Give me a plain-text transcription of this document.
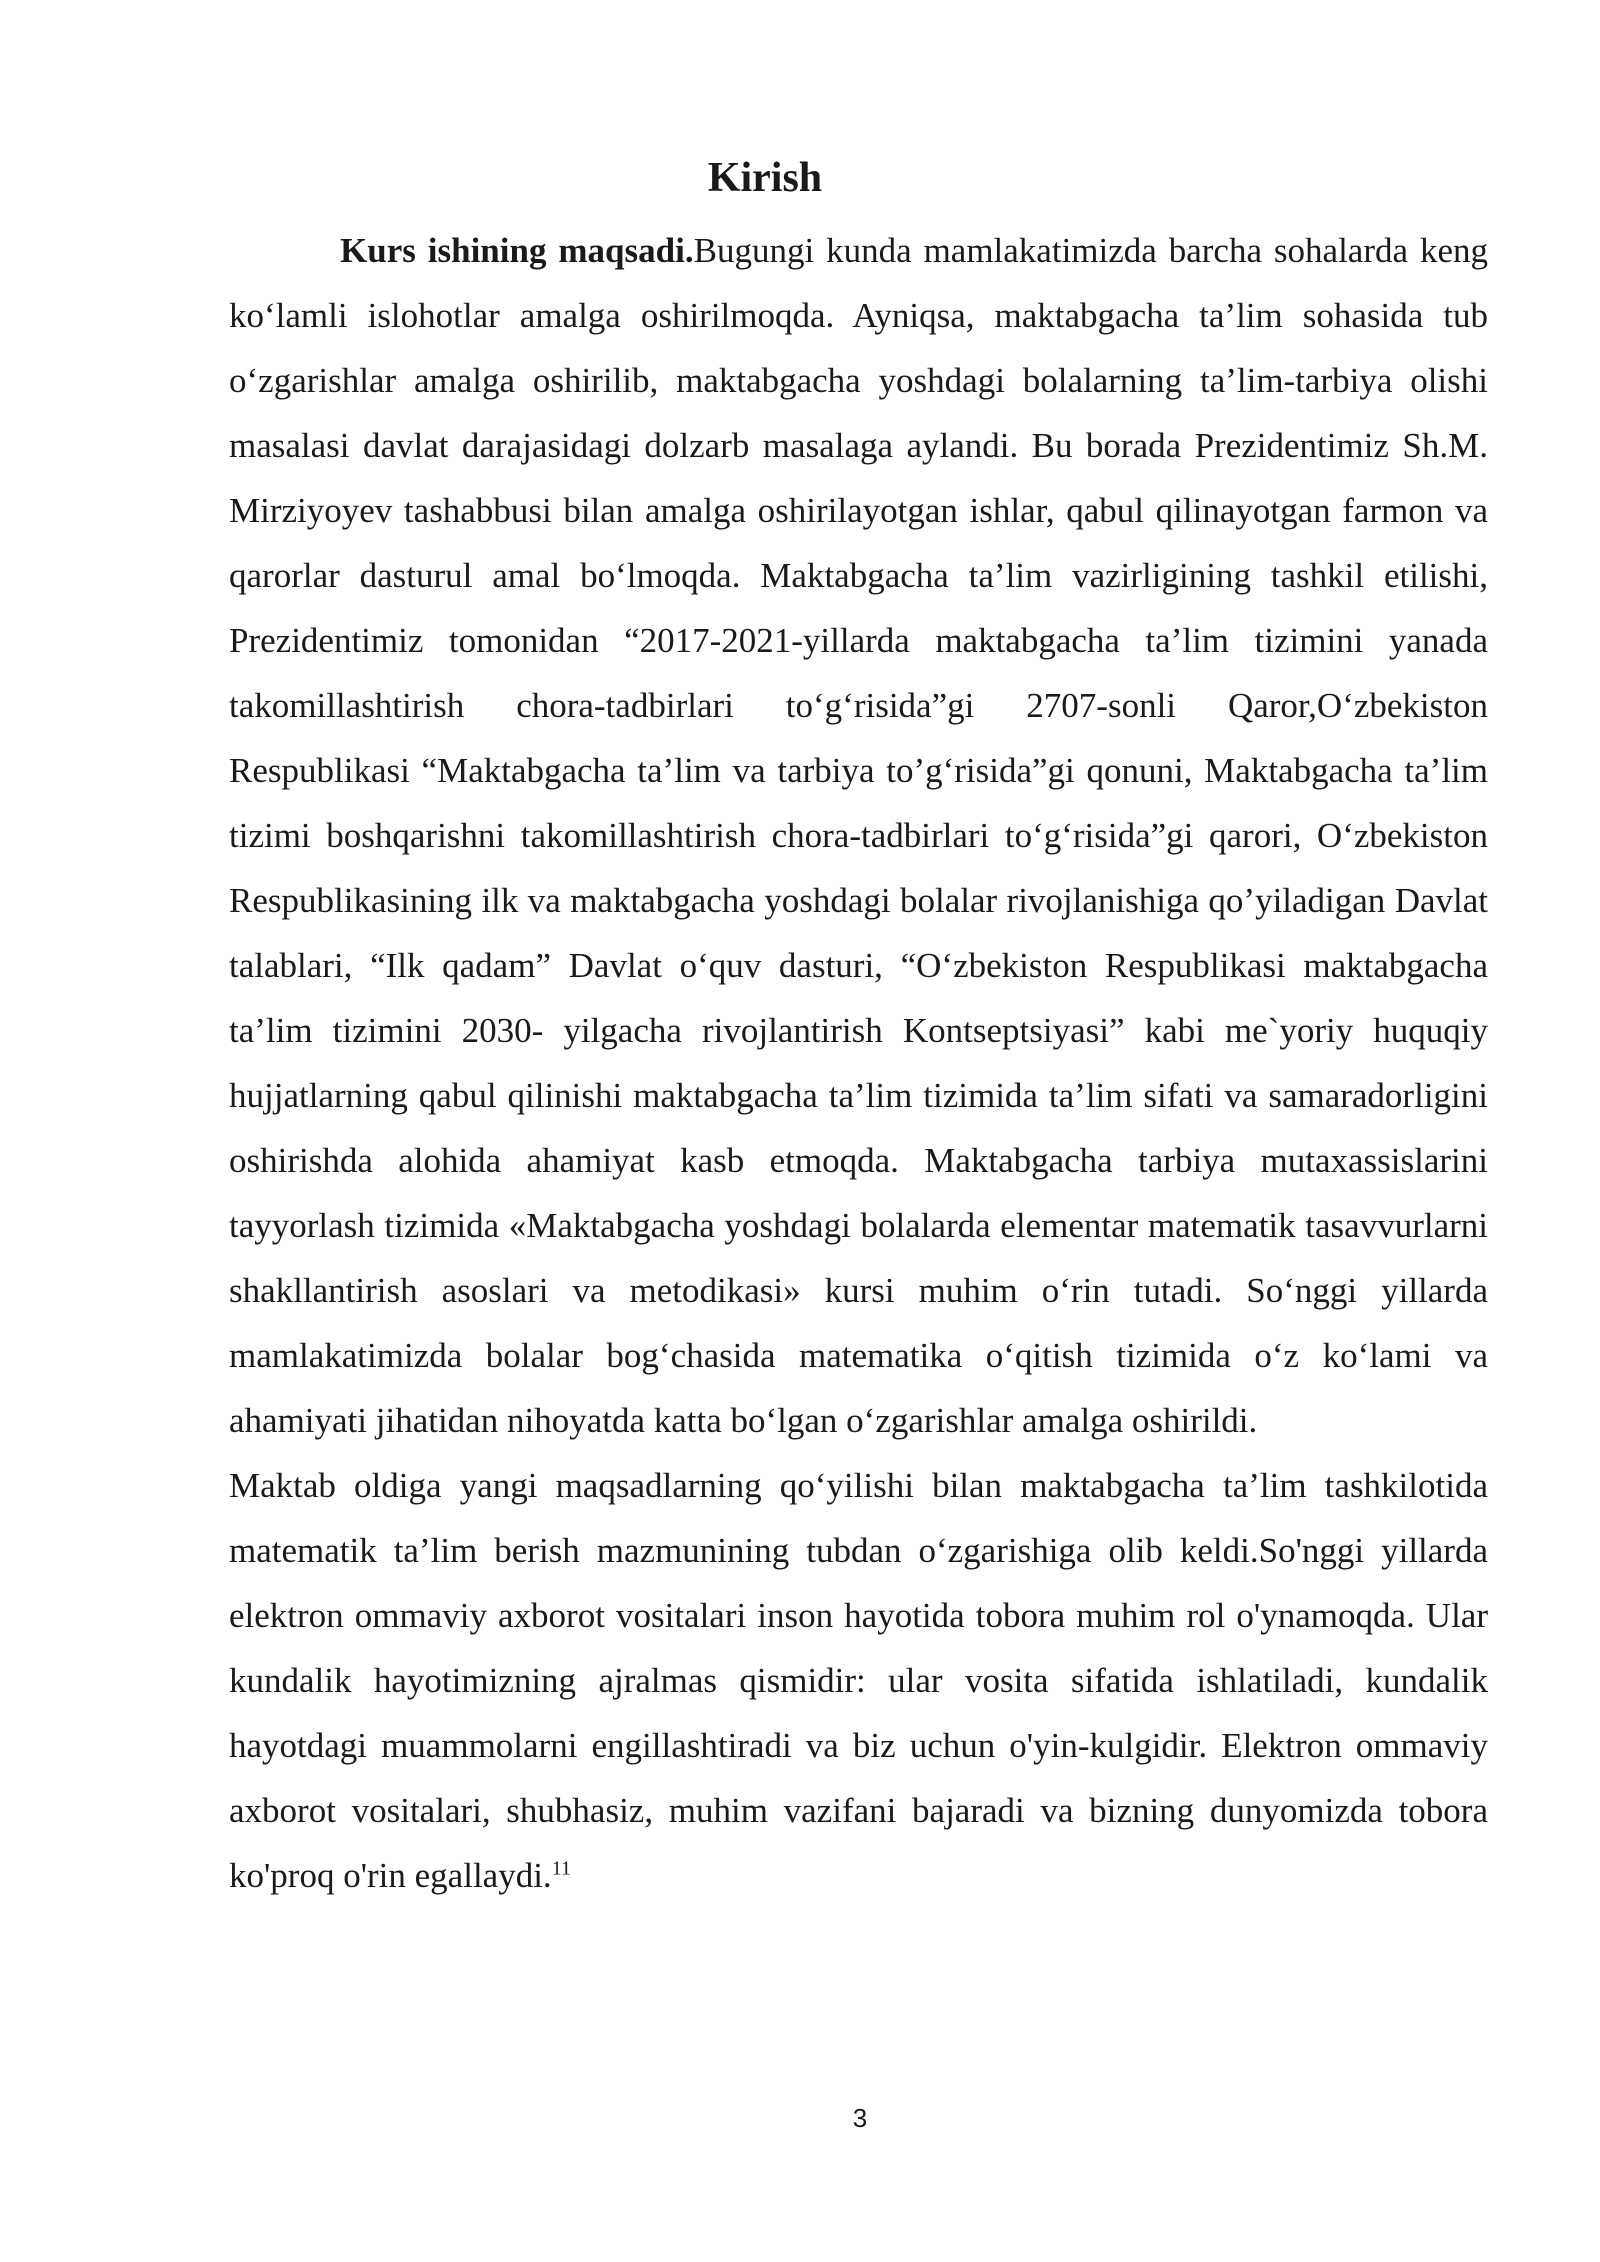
Kirish

Kurs ishining maqsadi.Bugungi kunda mamlakatimizda barcha sohalarda keng ko‘lamli islohotlar amalga oshirilmoqda. Ayniqsa, maktabgacha ta’lim sohasida tub o‘zgarishlar amalga oshirilib, maktabgacha yoshdagi bolalarning ta’lim-tarbiya olishi masalasi davlat darajasidagi dolzarb masalaga aylandi. Bu borada Prezidentimiz Sh.M. Mirziyoyev tashabbusi bilan amalga oshirilayotgan ishlar, qabul qilinayotgan farmon va qarorlar dasturul amal bo‘lmoqda. Maktabgacha ta’lim vazirligining tashkil etilishi, Prezidentimiz tomonidan “2017-2021-yillarda maktabgacha ta’lim tizimini yanada takomillashtirish chora-tadbirlari to‘g‘risida”gi 2707-sonli Qaror,O‘zbekiston Respublikasi “Maktabgacha ta’lim va tarbiya to’g‘risida”gi qonuni, Maktabgacha ta’lim tizimi boshqarishni takomillashtirish chora-tadbirlari to‘g‘risida”gi qarori, O‘zbekiston Respublikasining ilk va maktabgacha yoshdagi bolalar rivojlanishiga qo’yiladigan Davlat talablari, “Ilk qadam” Davlat o‘quv dasturi, “O‘zbekiston Respublikasi maktabgacha ta’lim tizimini 2030- yilgacha rivojlantirish Kontseptsiyasi” kabi me`yoriy huquqiy hujjatlarning qabul qilinishi maktabgacha ta’lim tizimida ta’lim sifati va samaradorligini oshirishda alohida ahamiyat kasb etmoqda. Maktabgacha tarbiya mutaxassislarini tayyorlash tizimida «Maktabgacha yoshdagi bolalarda elementar matematik tasavvurlarni shakllantirish asoslari va metodikasi» kursi muhim o‘rin tutadi. So‘nggi yillarda mamlakatimizda bolalar bog‘chasida matematika o‘qitish tizimida o‘z ko‘lami va ahamiyati jihatidan nihoyatda katta bo‘lgan o‘zgarishlar amalga oshirildi.

Maktab oldiga yangi maqsadlarning qo‘yilishi bilan maktabgacha ta’lim tashkilotida matematik ta’lim berish mazmunining tubdan o‘zgarishiga olib keldi.So'nggi yillarda elektron ommaviy axborot vositalari inson hayotida tobora muhim rol o'ynamoqda. Ular kundalik hayotimizning ajralmas qismidir: ular vosita sifatida ishlatiladi, kundalik hayotdagi muammolarni engillashtiradi va biz uchun o'yin-kulgidir. Elektron ommaviy axborot vositalari, shubhasiz, muhim vazifani bajaradi va bizning dunyomizda tobora ko'proq o'rin egallaydi.$^{11}$

3
